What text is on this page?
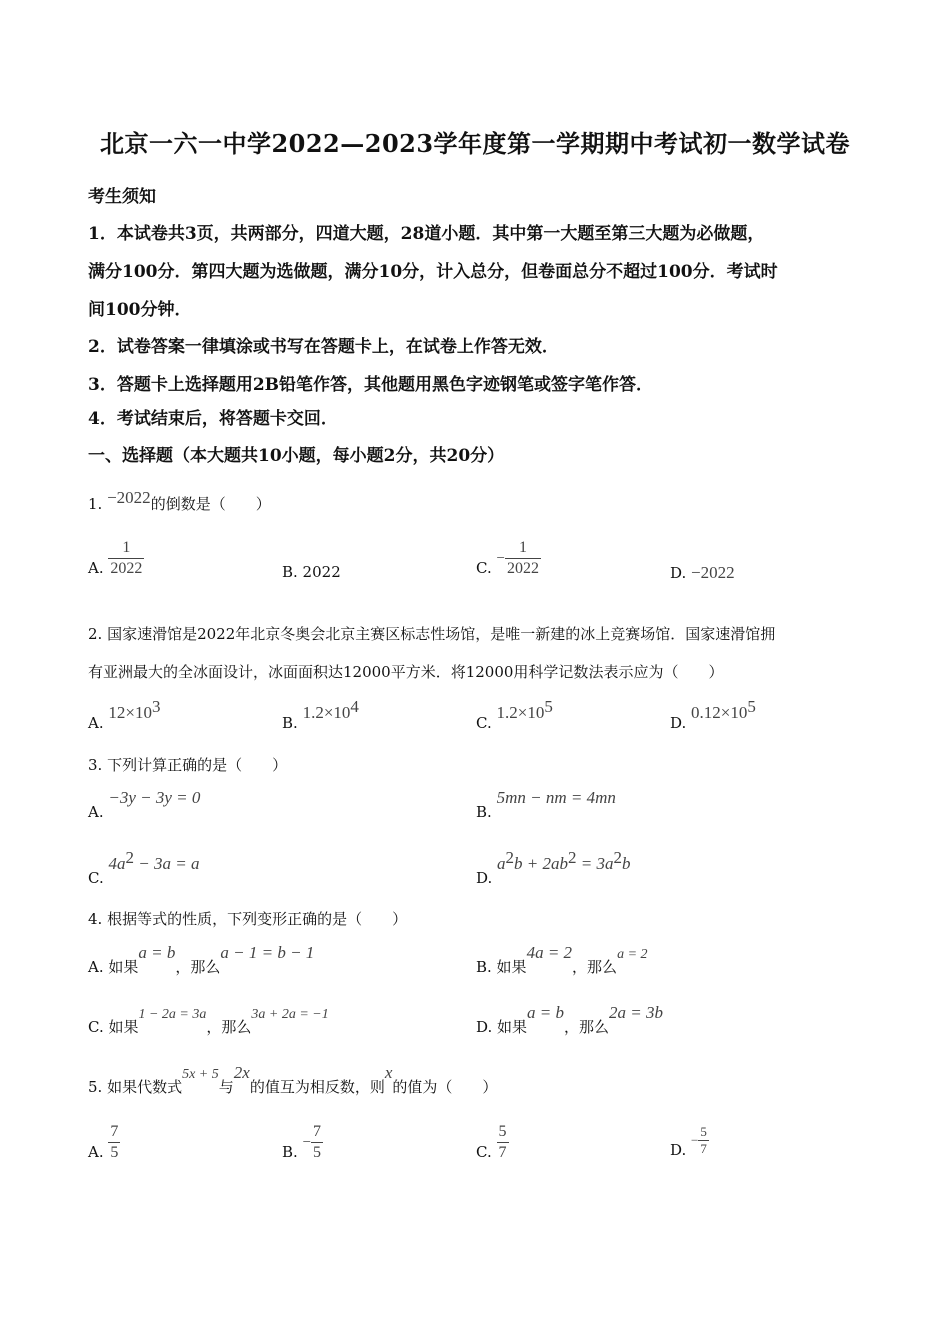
北京一六一中学2022—2023学年度第一学期期中考试初一数学试卷
考生须知
1．本试卷共3页，共两部分，四道大题，28道小题．其中第一大题至第三大题为必做题，
满分100分．第四大题为选做题，满分10分，计入总分，但卷面总分不超过100分．考试时
间100分钟．
2．试卷答案一律填涂或书写在答题卡上，在试卷上作答无效．
3．答题卡上选择题用2B铅笔作答，其他题用黑色字迹钢笔或签字笔作答．
4．考试结束后，将答题卡交回．
一、选择题（本大题共10小题，每小题2分，共20分）
1. −2022的倒数是（　　）
A. $\frac{1}{2022}$	B. 2022	C. − $\frac{1}{2022}$	D. −2022
2. 国家速滑馆是2022年北京冬奥会北京主赛区标志性场馆，是唯一新建的冰上竞赛场馆．国家速滑馆拥
有亚洲最大的全冰面设计，冰面面积达12000平方米．将12000用科学记数法表示应为（　　）
A. $12\times 10^3$
B. $1.2\times 10^4$
C. $1.2\times 10^5$
D. $0.12\times 10^5$
3. 下列计算正确的是（　　）
A. −3y − 3y = 0
B. 5mn − nm = 4mn
C. $4a^2 - 3a = a$
D. $a^2b + 2ab^2 = 3a^2b$
4. 根据等式的性质，下列变形正确的是（　　）
A. 如果a = b，那么a − 1 = b − 1
B. 如果4a = 2，那么a = 2
C. 如果1 − 2a = 3a，那么3a + 2a = −1
D. 如果a = b，那么2a = 3b
5. 如果代数式5x + 5与2x的值互为相反数，则x的值为（　　）
A. $\frac{7}{5}$	B. − $\frac{7}{5}$	C. $\frac{5}{7}$	D. − $\frac{5}{7}$
